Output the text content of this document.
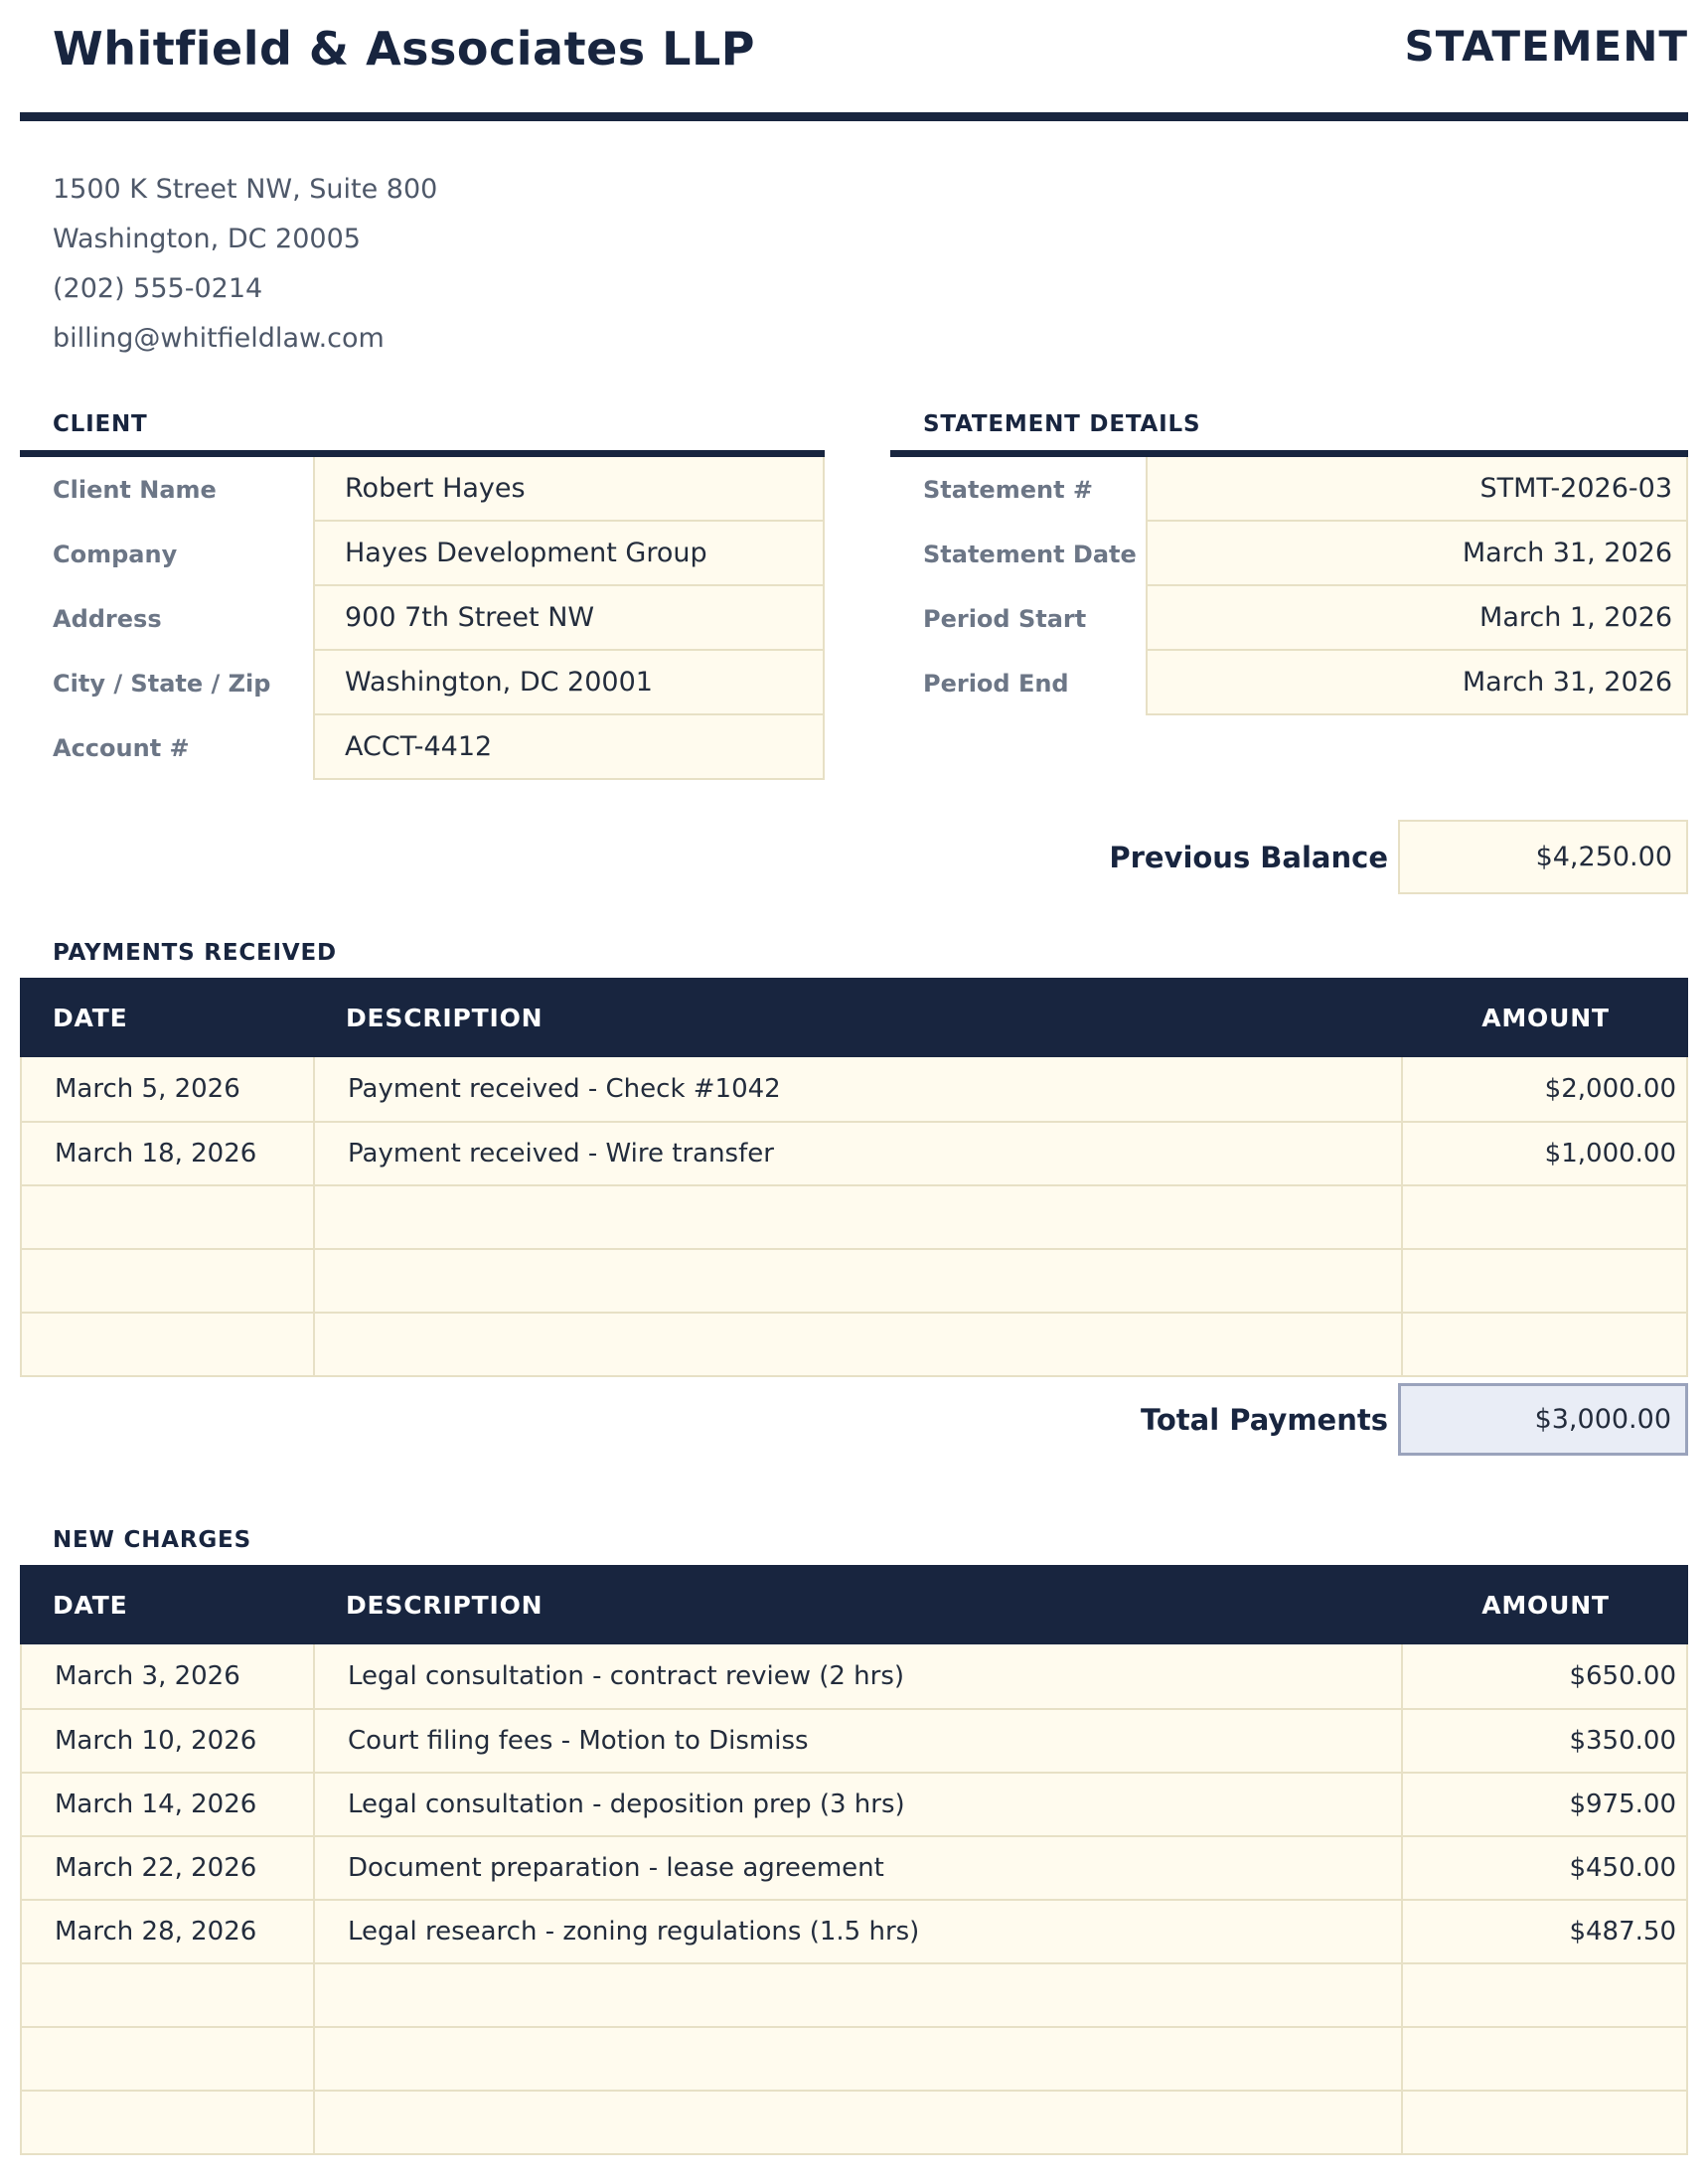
Whitfield & Associates LLP	STATEMENT
1500 K Street NW, Suite 800
Washington, DC 20005
(202) 555-0214
billing@whitfieldlaw.com
CLIENT
Client Name	Robert Hayes
Company	Hayes Development Group
Address	900 7th Street NW
City / State / Zip	Washington, DC 20001
Account #	ACCT-4412
STATEMENT DETAILS
Statement #	STMT-2026-03
Statement Date	March 31, 2026
Period Start	March 1, 2026
Period End	March 31, 2026
Previous Balance	$4,250.00
PAYMENTS RECEIVED
DATE	DESCRIPTION	AMOUNT
March 5, 2026	Payment received - Check #1042	$2,000.00
March 18, 2026	Payment received - Wire transfer	$1,000.00
Total Payments	$3,000.00
NEW CHARGES
DATE	DESCRIPTION	AMOUNT
March 3, 2026	Legal consultation - contract review (2 hrs)	$650.00
March 10, 2026	Court filing fees - Motion to Dismiss	$350.00
March 14, 2026	Legal consultation - deposition prep (3 hrs)	$975.00
March 22, 2026	Document preparation - lease agreement	$450.00
March 28, 2026	Legal research - zoning regulations (1.5 hrs)	$487.50
